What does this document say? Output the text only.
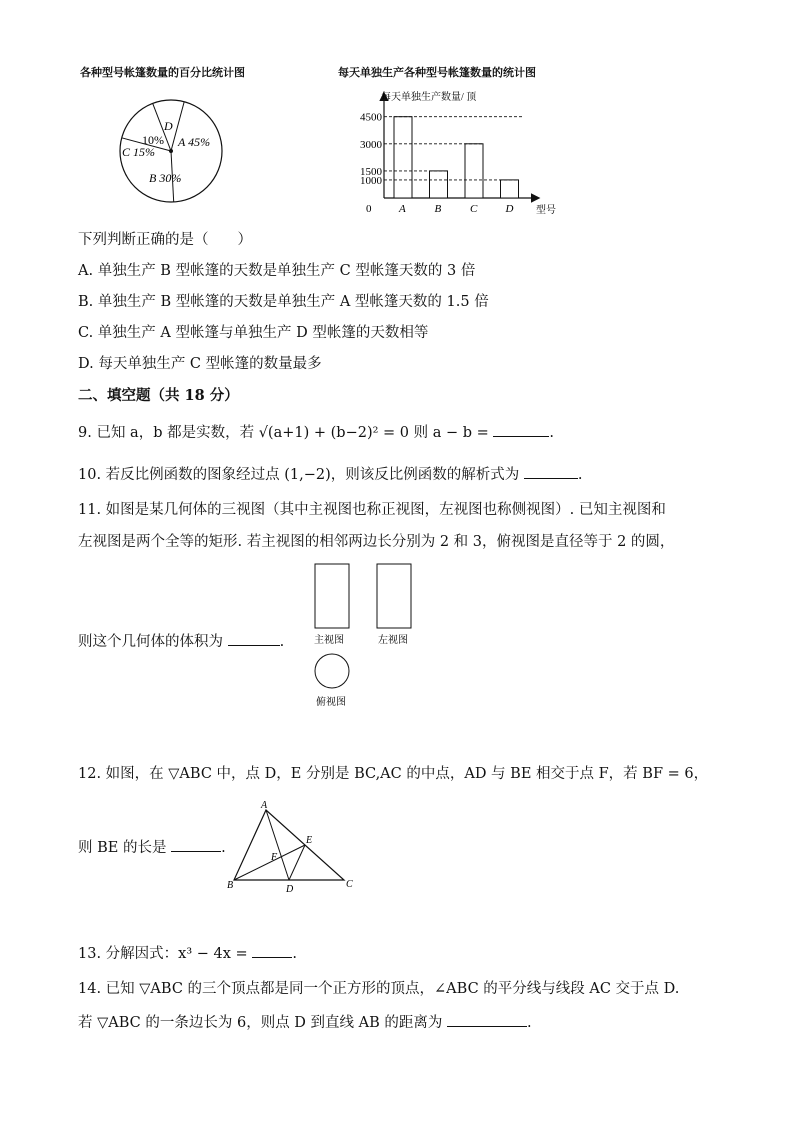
各种型号帐篷数量的百分比统计图
D
10% A 45%
C 15%
B 30%
每天单独生产各种型号帐篷数量的统计图
每天单独生产数量/ 顶
型号
0
4500
A
1500
B
3000
C
1000
D
下列判断正确的是（　　）
A. 单独生产 B 型帐篷的天数是单独生产 C 型帐篷天数的 3 倍
B. 单独生产 B 型帐篷的天数是单独生产 A 型帐篷天数的 1.5 倍
C. 单独生产 A 型帐篷与单独生产 D 型帐篷的天数相等
D. 每天单独生产 C 型帐篷的数量最多
二、填空题（共 18 分）
9. 已知 a，b 都是实数，若 √(a+1) + (b−2)² = 0 则 a − b =	.
10. 若反比例函数的图象经过点 (1,−2)，则该反比例函数的解析式为	.
11. 如图是某几何体的三视图（其中主视图也称正视图，左视图也称侧视图）. 已知主视图和
左视图是两个全等的矩形. 若主视图的相邻两边长分别为 2 和 3，俯视图是直径等于 2 的圆，
则这个几何体的体积为	.	主视图	左视图
俯视图
12. 如图，在 ▽ABC 中，点 D，E 分别是 BC,AC 的中点，AD 与 BE 相交于点 F，若 BF = 6，
则 BE 的长是	.
A
B	C
D
E
F
13. 分解因式：x³ − 4x =	.
14. 已知 ▽ABC 的三个顶点都是同一个正方形的顶点，∠ABC 的平分线与线段 AC 交于点 D.
若 ▽ABC 的一条边长为 6，则点 D 到直线 AB 的距离为	.
